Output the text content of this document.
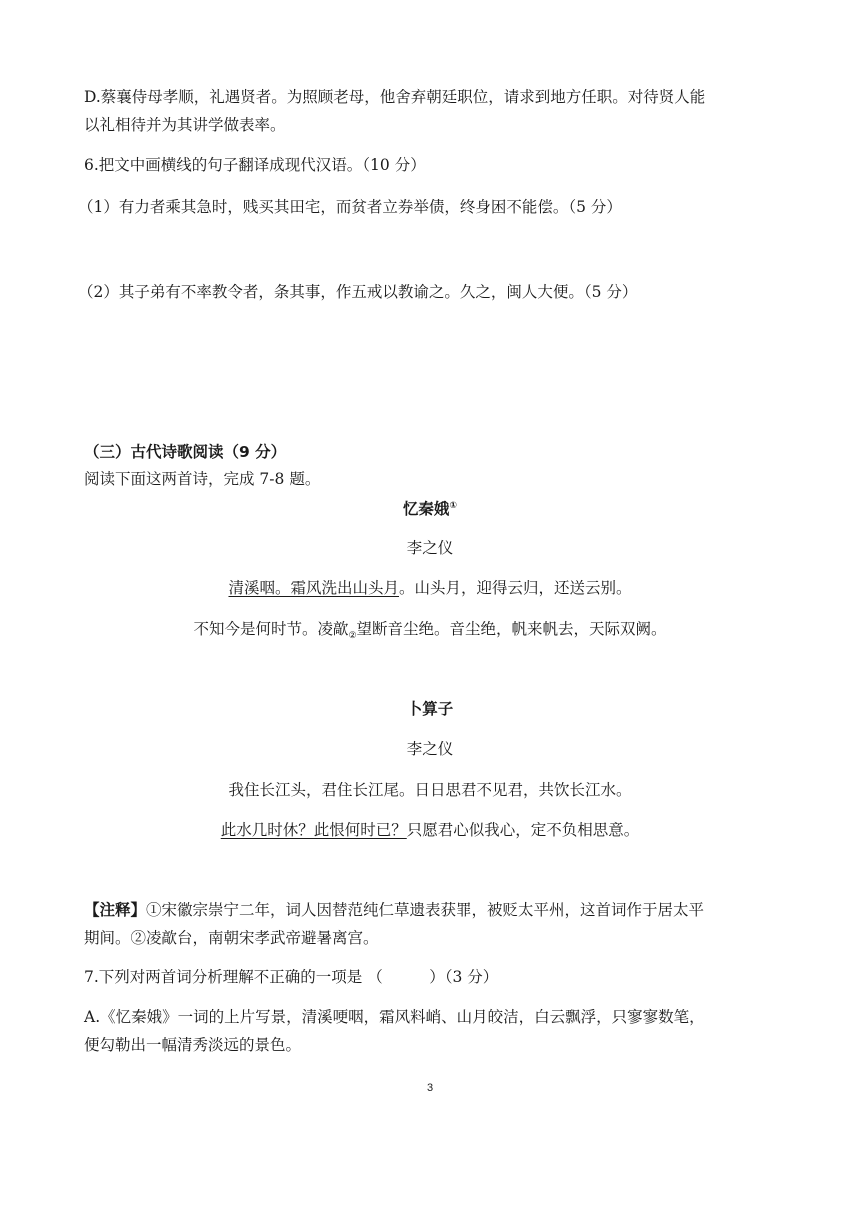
D.蔡襄侍母孝顺，礼遇贤者。为照顾老母，他舍弃朝廷职位，请求到地方任职。对待贤人能
以礼相待并为其讲学做表率。
6.把文中画横线的句子翻译成现代汉语。（10 分）
（1）有力者乘其急时，贱买其田宅，而贫者立券举债，终身困不能偿。（5 分）
（2）其子弟有不率教令者，条其事，作五戒以教谕之。久之，闽人大便。（5 分）
（三）古代诗歌阅读（9 分）
阅读下面这两首诗，完成 7-8 题。
忆秦娥①
李之仪
清溪咽。霜风洗出山头月。山头月，迎得云归，还送云别。
不知今是何时节。凌歊$_②$望断音尘绝。音尘绝，帆来帆去，天际双阙。
卜算子
李之仪
我住长江头，君住长江尾。日日思君不见君，共饮长江水。
此水几时休？此恨何时已？只愿君心似我心，定不负相思意。
【注释】①宋徽宗崇宁二年，词人因替范纯仁草遗表获罪，被贬太平州，这首词作于居太平
期间。②凌歊台，南朝宋孝武帝避暑离宫。
7.下列对两首词分析理解不正确的一项是 （　　　）（3 分）
A.《忆秦娥》一词的上片写景，清溪哽咽，霜风料峭、山月皎洁，白云飘浮，只寥寥数笔，
便勾勒出一幅清秀淡远的景色。
3
